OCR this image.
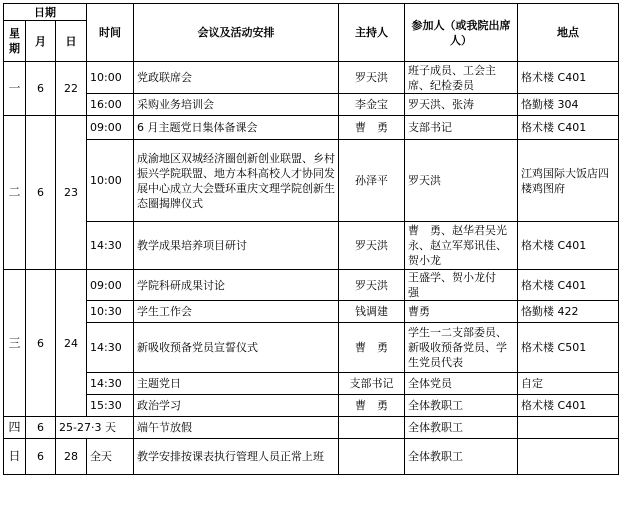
日期			时间	会议及活动安排	主持人	参加人（或我院出席人）	地点
星期	月	日					
一	6	22	10:00	党政联席会	罗天洪	班子成员、工会主席、纪检委员	格术楼 C401
			16:00	采购业务培训会	李金宝	罗天洪、张涛	恪勤楼 304
二	6	23	09:00	6 月主题党日集体备课会	曹　勇	支部书记	格术楼 C401
			10:00	成渝地区双城经济圈创新创业联盟、乡村振兴学院联盟、地方本科高校人才协同发展中心成立大会暨环重庆文理学院创新生态圈揭牌仪式	孙泽平	罗天洪	江鸡国际大饭店四楼鸡图府
			14:30	教学成果培养项目研讨	罗天洪	曹　勇、赵华君吴光永、赵立军郑讯佳、贺小龙	格术楼 C401
三	6	24	09:00	学院科研成果讨论	罗天洪	王盛学、贺小龙付　强	格术楼 C401
			10:30	学生工作会	钱调建	曹勇	恪勤楼 422
			14:30	新吸收预备党员宣誓仪式	曹　勇	学生一二支部委员、新吸收预备党员、学生党员代表	格术楼 C501
			14:30	主题党日	支部书记	全体党员	自定
			15:30	政治学习	曹　勇	全体教职工	格术楼 C401
四	6	25-27·3 天		端午节放假		全体教职工	
日	6	28	全天	教学安排按课表执行管理人员正常上班		全体教职工	
